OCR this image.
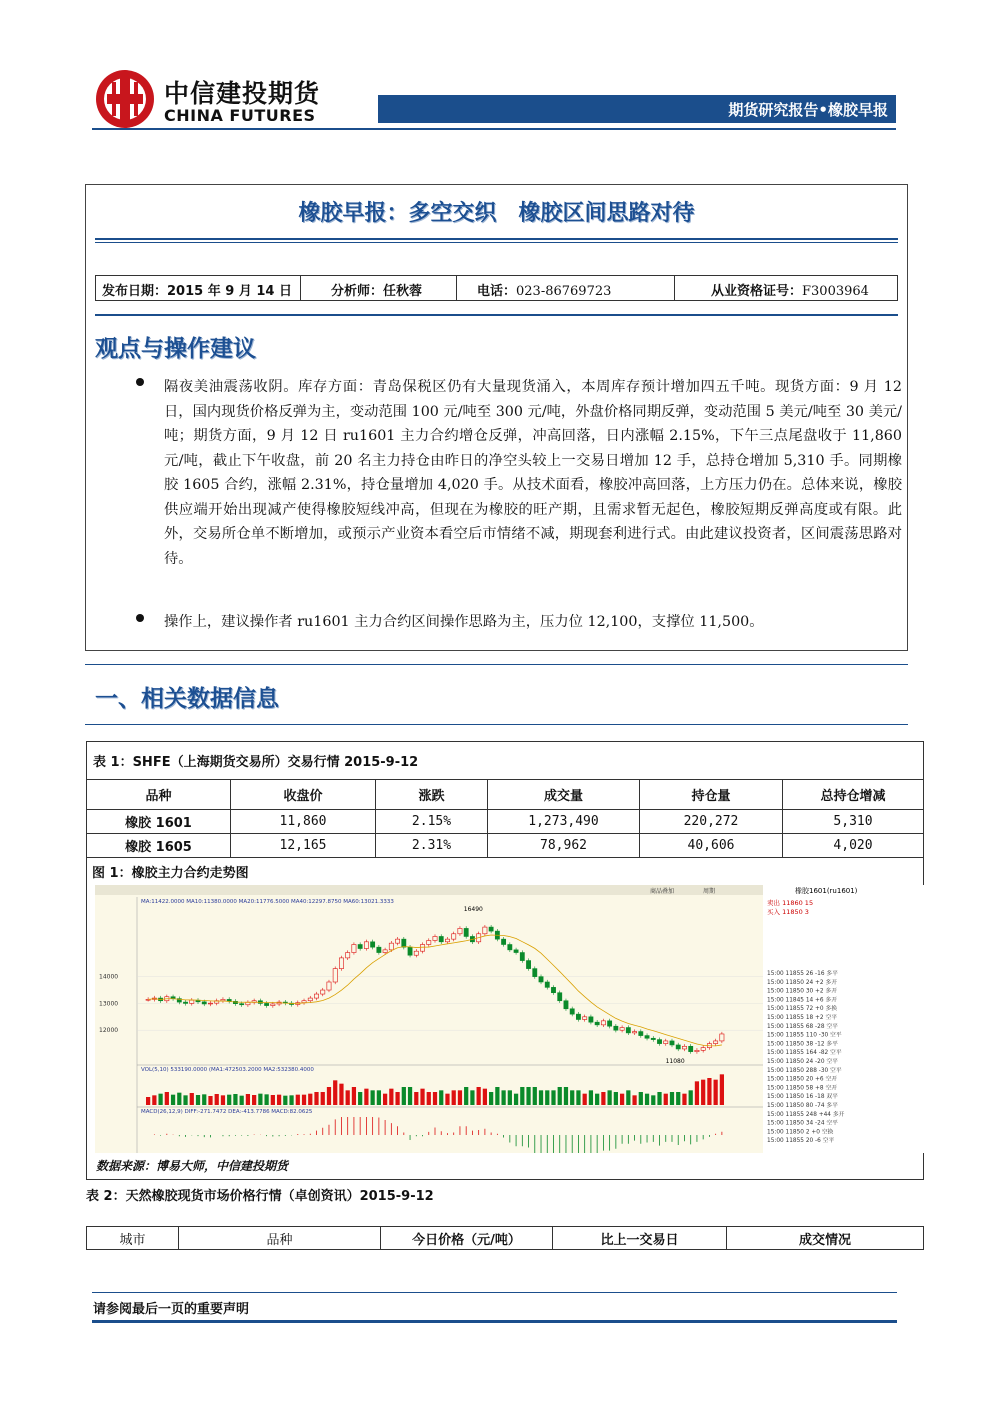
中信建投期货
CHINA FUTURES	期货研究报告•橡胶早报
橡胶早报：多空交织　橡胶区间思路对待
发布日期：2015 年 9 月 14 日	分析师：任秋蓉	电话：023-86769723	从业资格证号：F3003964
观点与操作建议

隔夜美油震荡收阴。库存方面：青岛保税区仍有大量现货涌入，本周库存预计增加四五千吨。现货方面：9 月 12 日，国内现货价格反弹为主，变动范围 100 元/吨至 300 元/吨，外盘价格同期反弹，变动范围 5 美元/吨至 30 美元/吨；期货方面，9 月 12 日 ru1601 主力合约增仓反弹，冲高回落，日内涨幅 2.15%，下午三点尾盘收于 11,860 元/吨，截止下午收盘，前 20 名主力持仓由昨日的净空头较上一交易日增加 12 手，总持仓增加 5,310 手。同期橡胶 1605 合约，涨幅 2.31%，持仓量增加 4,020 手。从技术面看，橡胶冲高回落，上方压力仍在。总体来说，橡胶供应端开始出现减产使得橡胶短线冲高，但现在为橡胶的旺产期，且需求暂无起色，橡胶短期反弹高度或有限。此外，交易所仓单不断增加，或预示产业资本看空后市情绪不减，期现套利进行式。由此建议投资者，区间震荡思路对待。

操作上，建议操作者 ru1601 主力合约区间操作思路为主，压力位 12,100，支撑位 11,500。

一、相关数据信息
表 1：SHFE（上海期货交易所）交易行情 2015-9-12					
品种	收盘价	涨跌	成交量	持仓量	总持仓增减
橡胶 1601	11,860	2.15%	1,273,490	220,272	5,310
橡胶 1605	12,165	2.31%	78,962	40,606	4,020
图 1：橡胶主力合约走势图
商品叠加	周期
MA:11422.0000 MA10:11380.0000 MA20:11776.5000 MA40:12297.8750 MA60:13021.3333
12000
13000
14000
16490
11080
VOL(5,10) 533190.0000 (MA1:472503.2000 MA2:532380.4000
MACD(26,12,9) DIFF:-271.7472 DEA:-413.7786 MACD:82.0625
橡胶1601(ru1601)
卖出 11860 15
买入 11850 3
15:00 11855 26 -16 多平
15:00 11850 24 +2 多开
15:00 11850 30 +2 多开
15:00 11845 14 +6 多开
15:00 11855 72 +0 多换
15:00 11855 18 +2 空平
15:00 11855 68 -28 空平
15:00 11855 110 -30 空平
15:00 11850 38 -12 多平
15:00 11855 164 -82 空平
15:00 11850 24 -20 空平
15:00 11850 288 -30 空平
15:00 11850 20 +6 空开
15:00 11850 58 +8 空开
15:00 11850 16 -18 双平
15:00 11850 80 -74 多平
15:00 11855 248 +44 多开
15:00 11850 34 -24 空平
15:00 11850 2 +0 空换
15:00 11855 20 -6 空平
数据来源：博易大师，中信建投期货
表 2：天然橡胶现货市场价格行情（卓创资讯）2015-9-12
城市	品种	今日价格（元/吨）	比上一交易日	成交情况
请参阅最后一页的重要声明
